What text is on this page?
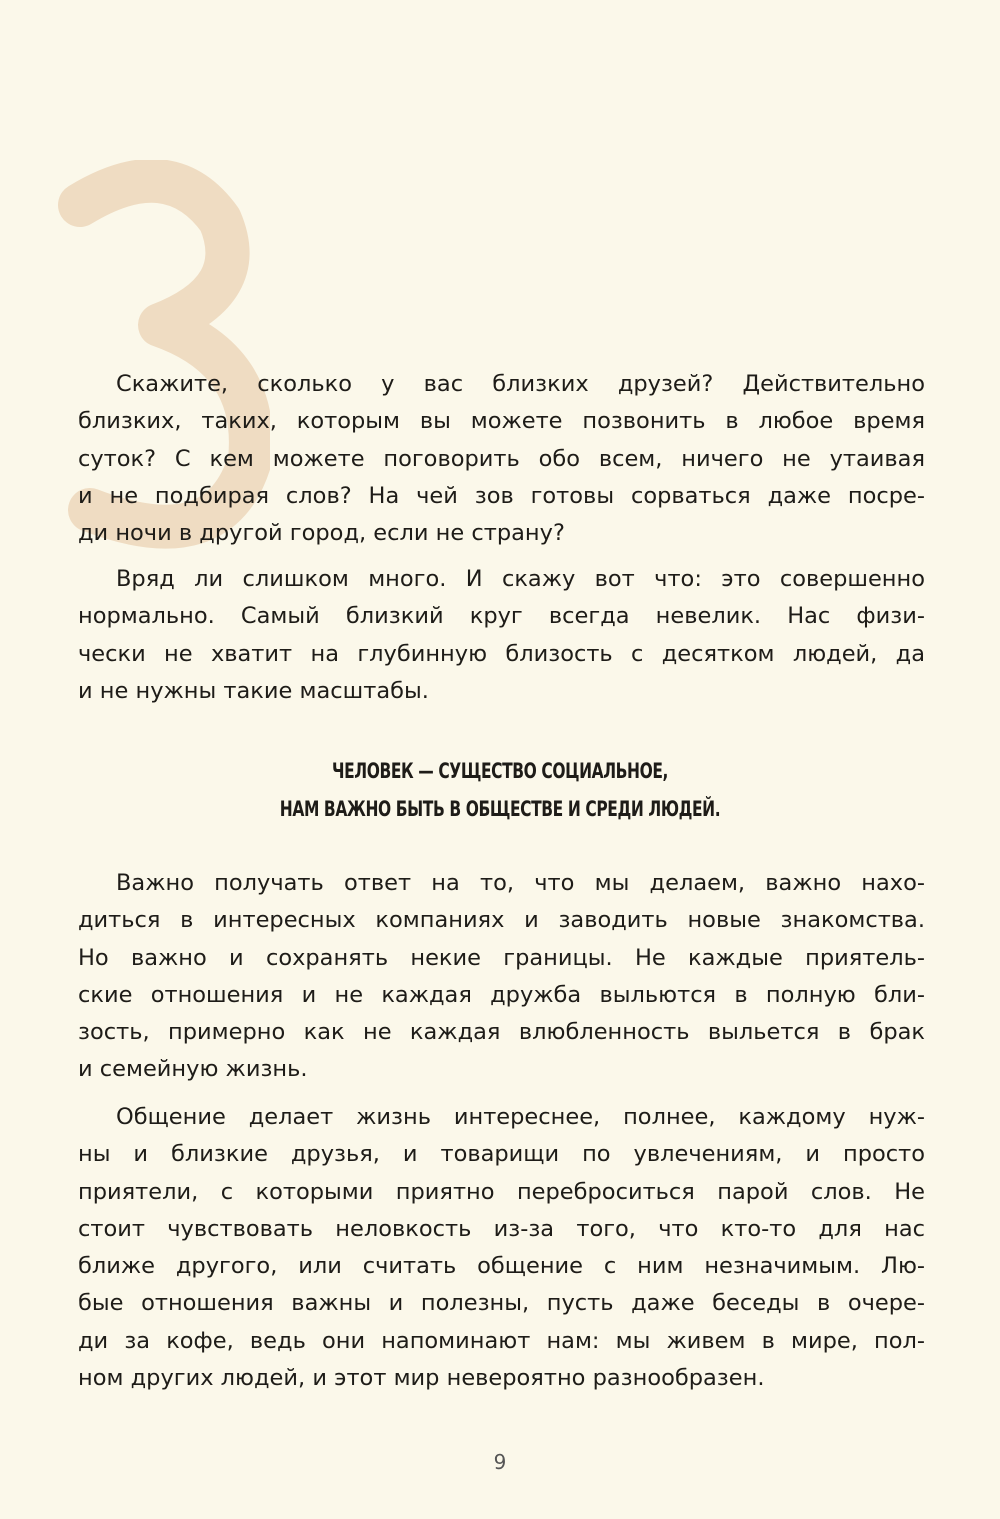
Скажите, сколько у вас близких друзей? Действительно
близких, таких, которым вы можете позвонить в любое время
суток? С кем можете поговорить обо всем, ничего не утаивая
и не подбирая слов? На чей зов готовы сорваться даже посре-
ди ночи в другой город, если не страну?
Вряд ли слишком много. И скажу вот что: это совершенно
нормально. Самый близкий круг всегда невелик. Нас физи-
чески не хватит на глубинную близость с десятком людей, да
и не нужны такие масштабы.
ЧЕЛОВЕК — СУЩЕСТВО СОЦИАЛЬНОЕ,
НАМ ВАЖНО БЫТЬ В ОБЩЕСТВЕ И СРЕДИ ЛЮДЕЙ.
Важно получать ответ на то, что мы делаем, важно нахо-
диться в интересных компаниях и заводить новые знакомства.
Но важно и сохранять некие границы. Не каждые приятель-
ские отношения и не каждая дружба выльются в полную бли-
зость, примерно как не каждая влюбленность выльется в брак
и семейную жизнь.
Общение делает жизнь интереснее, полнее, каждому нуж-
ны и близкие друзья, и товарищи по увлечениям, и просто
приятели, с которыми приятно переброситься парой слов. Не
стоит чувствовать неловкость из-за того, что кто-то для нас
ближе другого, или считать общение с ним незначимым. Лю-
бые отношения важны и полезны, пусть даже беседы в очере-
ди за кофе, ведь они напоминают нам: мы живем в мире, пол-
ном других людей, и этот мир невероятно разнообразен.
9
